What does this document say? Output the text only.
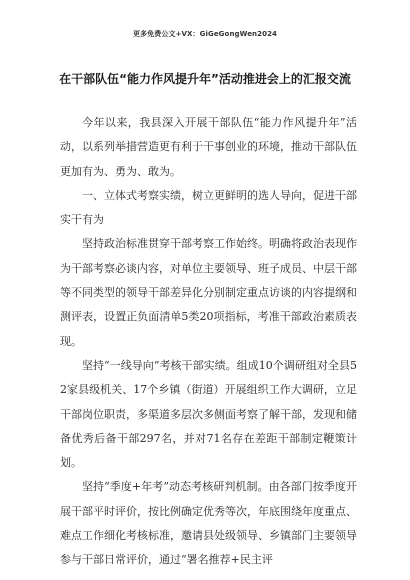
更多免费公文+VX：GiGeGongWen2024
在干部队伍“能力作风提升年”活动推进会上的汇报交流

今年以来，我县深入开展干部队伍“能力作风提升年”活动，以系列举措营造更有利于干事创业的环境，推动干部队伍更加有为、勇为、敢为。

一、立体式考察实绩，树立更鲜明的选人导向，促进干部实干有为

坚持政治标准贯穿干部考察工作始终。明确将政治表现作为干部考察必谈内容，对单位主要领导、班子成员、中层干部等不同类型的领导干部差异化分别制定重点访谈的内容提纲和测评表，设置正负面清单5类20项指标，考准干部政治素质表现。

坚持“一线导向”考核干部实绩。组成10个调研组对全县52家县级机关、17个乡镇（街道）开展组织工作大调研，立足干部岗位职责，多渠道多层次多侧面考察了解干部，发现和储备优秀后备干部297名，并对71名存在差距干部制定鞭策计划。

坚持“季度+年考”动态考核研判机制。由各部门按季度开展干部平时评价，按比例确定优秀等次，年底围绕年度重点、难点工作细化考核标准，邀请县处级领导、乡镇部门主要领导参与干部日常评价，通过“署名推荐+民主评
